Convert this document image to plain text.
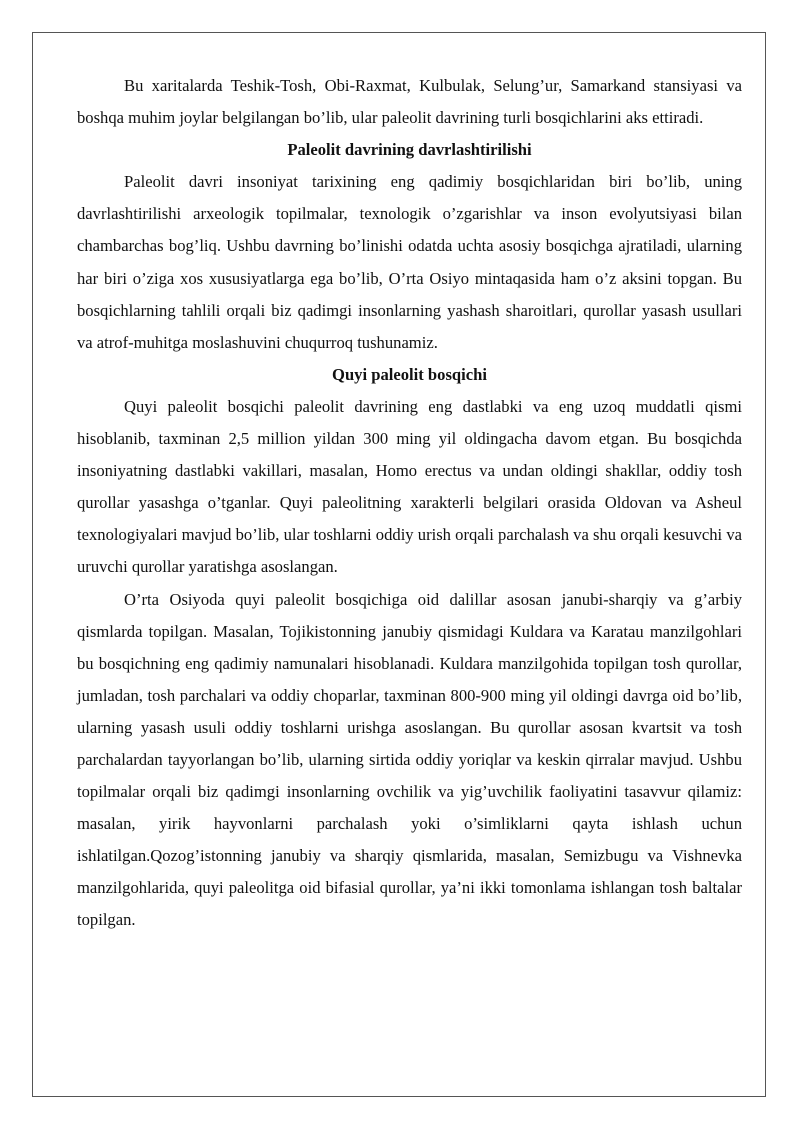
Bu xaritalarda Teshik-Tosh, Obi-Raxmat, Kulbulak, Selung’ur, Samarkand stansiyasi va boshqa muhim joylar belgilangan bo’lib, ular paleolit davrining turli bosqichlarini aks ettiradi.

Paleolit davrining davrlashtirilishi

Paleolit davri insoniyat tarixining eng qadimiy bosqichlaridan biri bo’lib, uning davrlashtirilishi arxeologik topilmalar, texnologik o’zgarishlar va inson evolyutsiyasi bilan chambarchas bog’liq. Ushbu davrning bo’linishi odatda uchta asosiy bosqichga ajratiladi, ularning har biri o’ziga xos xususiyatlarga ega bo’lib, O’rta Osiyo mintaqasida ham o’z aksini topgan. Bu bosqichlarning tahlili orqali biz qadimgi insonlarning yashash sharoitlari, qurollar yasash usullari va atrof-muhitga moslashuvini chuqurroq tushunamiz.

Quyi paleolit bosqichi

Quyi paleolit bosqichi paleolit davrining eng dastlabki va eng uzoq muddatli qismi hisoblanib, taxminan 2,5 million yildan 300 ming yil oldingacha davom etgan. Bu bosqichda insoniyatning dastlabki vakillari, masalan, Homo erectus va undan oldingi shakllar, oddiy tosh qurollar yasashga o’tganlar. Quyi paleolitning xarakterli belgilari orasida Oldovan va Asheul texnologiyalari mavjud bo’lib, ular toshlarni oddiy urish orqali parchalash va shu orqali kesuvchi va uruvchi qurollar yaratishga asoslangan.

O’rta Osiyoda quyi paleolit bosqichiga oid dalillar asosan janubi-sharqiy va g’arbiy qismlarda topilgan. Masalan, Tojikistonning janubiy qismidagi Kuldara va Karatau manzilgohlari bu bosqichning eng qadimiy namunalari hisoblanadi. Kuldara manzilgohida topilgan tosh qurollar, jumladan, tosh parchalari va oddiy choparlar, taxminan 800-900 ming yil oldingi davrga oid bo’lib, ularning yasash usuli oddiy toshlarni urishga asoslangan. Bu qurollar asosan kvartsit va tosh parchalardan tayyorlangan bo’lib, ularning sirtida oddiy yoriqlar va keskin qirralar mavjud. Ushbu topilmalar orqali biz qadimgi insonlarning ovchilik va yig’uvchilik faoliyatini tasavvur qilamiz: masalan, yirik hayvonlarni parchalash yoki o’simliklarni qayta ishlash uchun ishlatilgan.Qozog’istonning janubiy va sharqiy qismlarida, masalan, Semizbugu va Vishnevka manzilgohlarida, quyi paleolitga oid bifasial qurollar, ya’ni ikki tomonlama ishlangan tosh baltalar topilgan.
